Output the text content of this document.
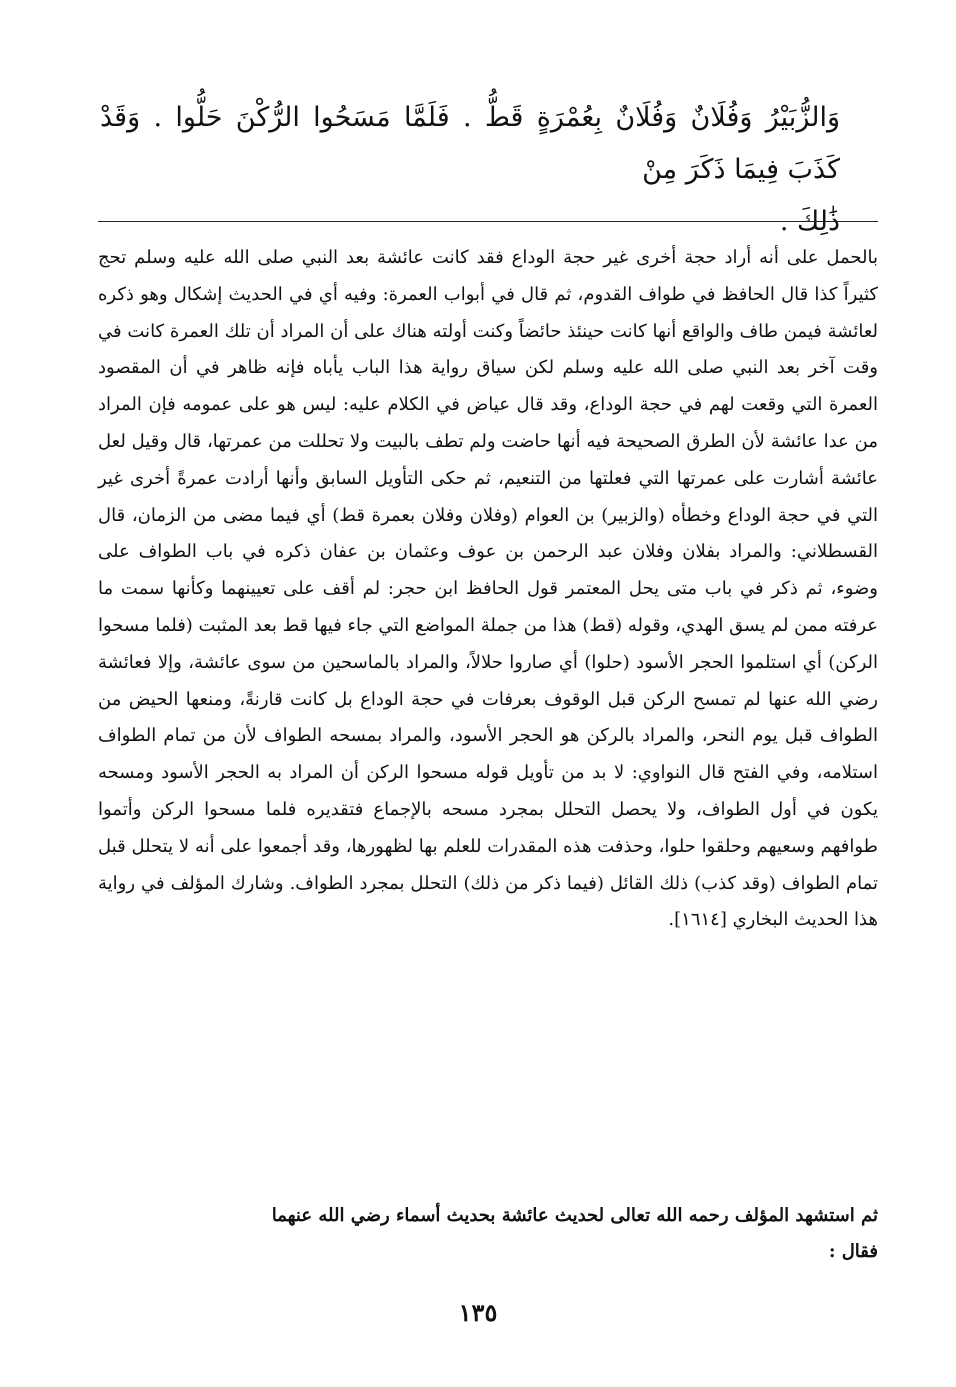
وَالزُّبَيْرُ وَفُلَانٌ وَفُلَانٌ بِعُمْرَةٍ قَطُّ . فَلَمَّا مَسَحُوا الرُّكْنَ حَلُّوا . وَقَدْ كَذَبَ فِيمَا ذَكَرَ مِنْ
ذَٰلِكَ .

بالحمل على أنه أراد حجة أخرى غير حجة الوداع فقد كانت عائشة بعد النبي صلى الله عليه وسلم تحج كثيراً كذا قال الحافظ في طواف القدوم، ثم قال في أبواب العمرة: وفيه أي في الحديث إشكال وهو ذكره لعائشة فيمن طاف والواقع أنها كانت حينئذ حائضاً وكنت أولته هناك على أن المراد أن تلك العمرة كانت في وقت آخر بعد النبي صلى الله عليه وسلم لكن سياق رواية هذا الباب يأباه فإنه ظاهر في أن المقصود العمرة التي وقعت لهم في حجة الوداع، وقد قال عياض في الكلام عليه: ليس هو على عمومه فإن المراد من عدا عائشة لأن الطرق الصحيحة فيه أنها حاضت ولم تطف بالبيت ولا تحللت من عمرتها، قال وقيل لعل عائشة أشارت على عمرتها التي فعلتها من التنعيم، ثم حكى التأويل السابق وأنها أرادت عمرةً أخرى غير التي في حجة الوداع وخطأه (والزبير) بن العوام (وفلان وفلان بعمرة قط) أي فيما مضى من الزمان، قال القسطلاني: والمراد بفلان وفلان عبد الرحمن بن عوف وعثمان بن عفان ذكره في باب الطواف على وضوء، ثم ذكر في باب متى يحل المعتمر قول الحافظ ابن حجر: لم أقف على تعيينهما وكأنها سمت ما عرفته ممن لم يسق الهدي، وقوله (قط) هذا من جملة المواضع التي جاء فيها قط بعد المثبت (فلما مسحوا الركن) أي استلموا الحجر الأسود (حلوا) أي صاروا حلالاً، والمراد بالماسحين من سوى عائشة، وإلا فعائشة رضي الله عنها لم تمسح الركن قبل الوقوف بعرفات في حجة الوداع بل كانت قارنةً، ومنعها الحيض من الطواف قبل يوم النحر، والمراد بالركن هو الحجر الأسود، والمراد بمسحه الطواف لأن من تمام الطواف استلامه، وفي الفتح قال النواوي: لا بد من تأويل قوله مسحوا الركن أن المراد به الحجر الأسود ومسحه يكون في أول الطواف، ولا يحصل التحلل بمجرد مسحه بالإجماع فتقديره فلما مسحوا الركن وأتموا طوافهم وسعيهم وحلقوا حلوا، وحذفت هذه المقدرات للعلم بها لظهورها، وقد أجمعوا على أنه لا يتحلل قبل تمام الطواف (وقد كذب) ذلك القائل (فيما ذكر من ذلك) التحلل بمجرد الطواف. وشارك المؤلف في رواية هذا الحديث البخاري [١٦١٤].

ثم استشهد المؤلف رحمه الله تعالى لحديث عائشة بحديث أسماء رضي الله عنهما

فقال :

١٣٥
